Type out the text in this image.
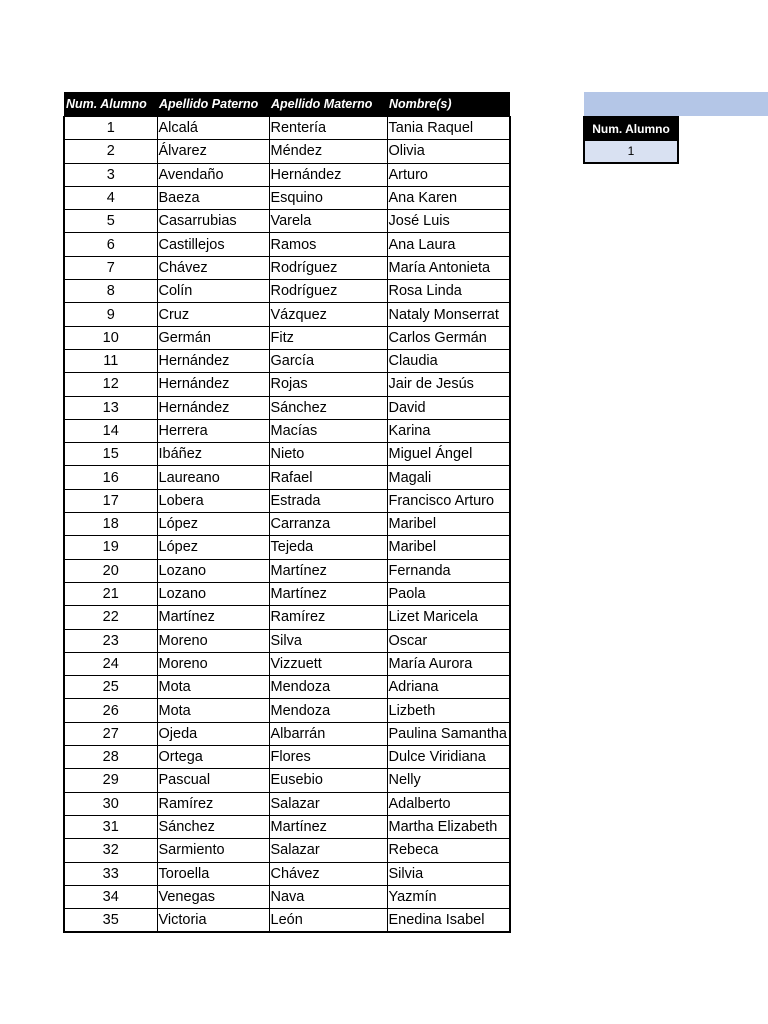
Num. Alumno	Apellido Paterno	Apellido Materno	Nombre(s)
1	Alcalá	Rentería	Tania Raquel
2	Álvarez	Méndez	Olivia
3	Avendaño	Hernández	Arturo
4	Baeza	Esquino	Ana Karen
5	Casarrubias	Varela	José Luis
6	Castillejos	Ramos	Ana Laura
7	Chávez	Rodríguez	María Antonieta
8	Colín	Rodríguez	Rosa Linda
9	Cruz	Vázquez	Nataly Monserrat
10	Germán	Fitz	Carlos Germán
11	Hernández	García	Claudia
12	Hernández	Rojas	Jair de Jesús
13	Hernández	Sánchez	David
14	Herrera	Macías	Karina
15	Ibáñez	Nieto	Miguel Ángel
16	Laureano	Rafael	Magali
17	Lobera	Estrada	Francisco Arturo
18	López	Carranza	Maribel
19	López	Tejeda	Maribel
20	Lozano	Martínez	Fernanda
21	Lozano	Martínez	Paola
22	Martínez	Ramírez	Lizet Maricela
23	Moreno	Silva	Oscar
24	Moreno	Vizzuett	María Aurora
25	Mota	Mendoza	Adriana
26	Mota	Mendoza	Lizbeth
27	Ojeda	Albarrán	Paulina Samantha
28	Ortega	Flores	Dulce Viridiana
29	Pascual	Eusebio	Nelly
30	Ramírez	Salazar	Adalberto
31	Sánchez	Martínez	Martha Elizabeth
32	Sarmiento	Salazar	Rebeca
33	Toroella	Chávez	Silvia
34	Venegas	Nava	Yazmín
35	Victoria	León	Enedina Isabel
Num. Alumno
1
